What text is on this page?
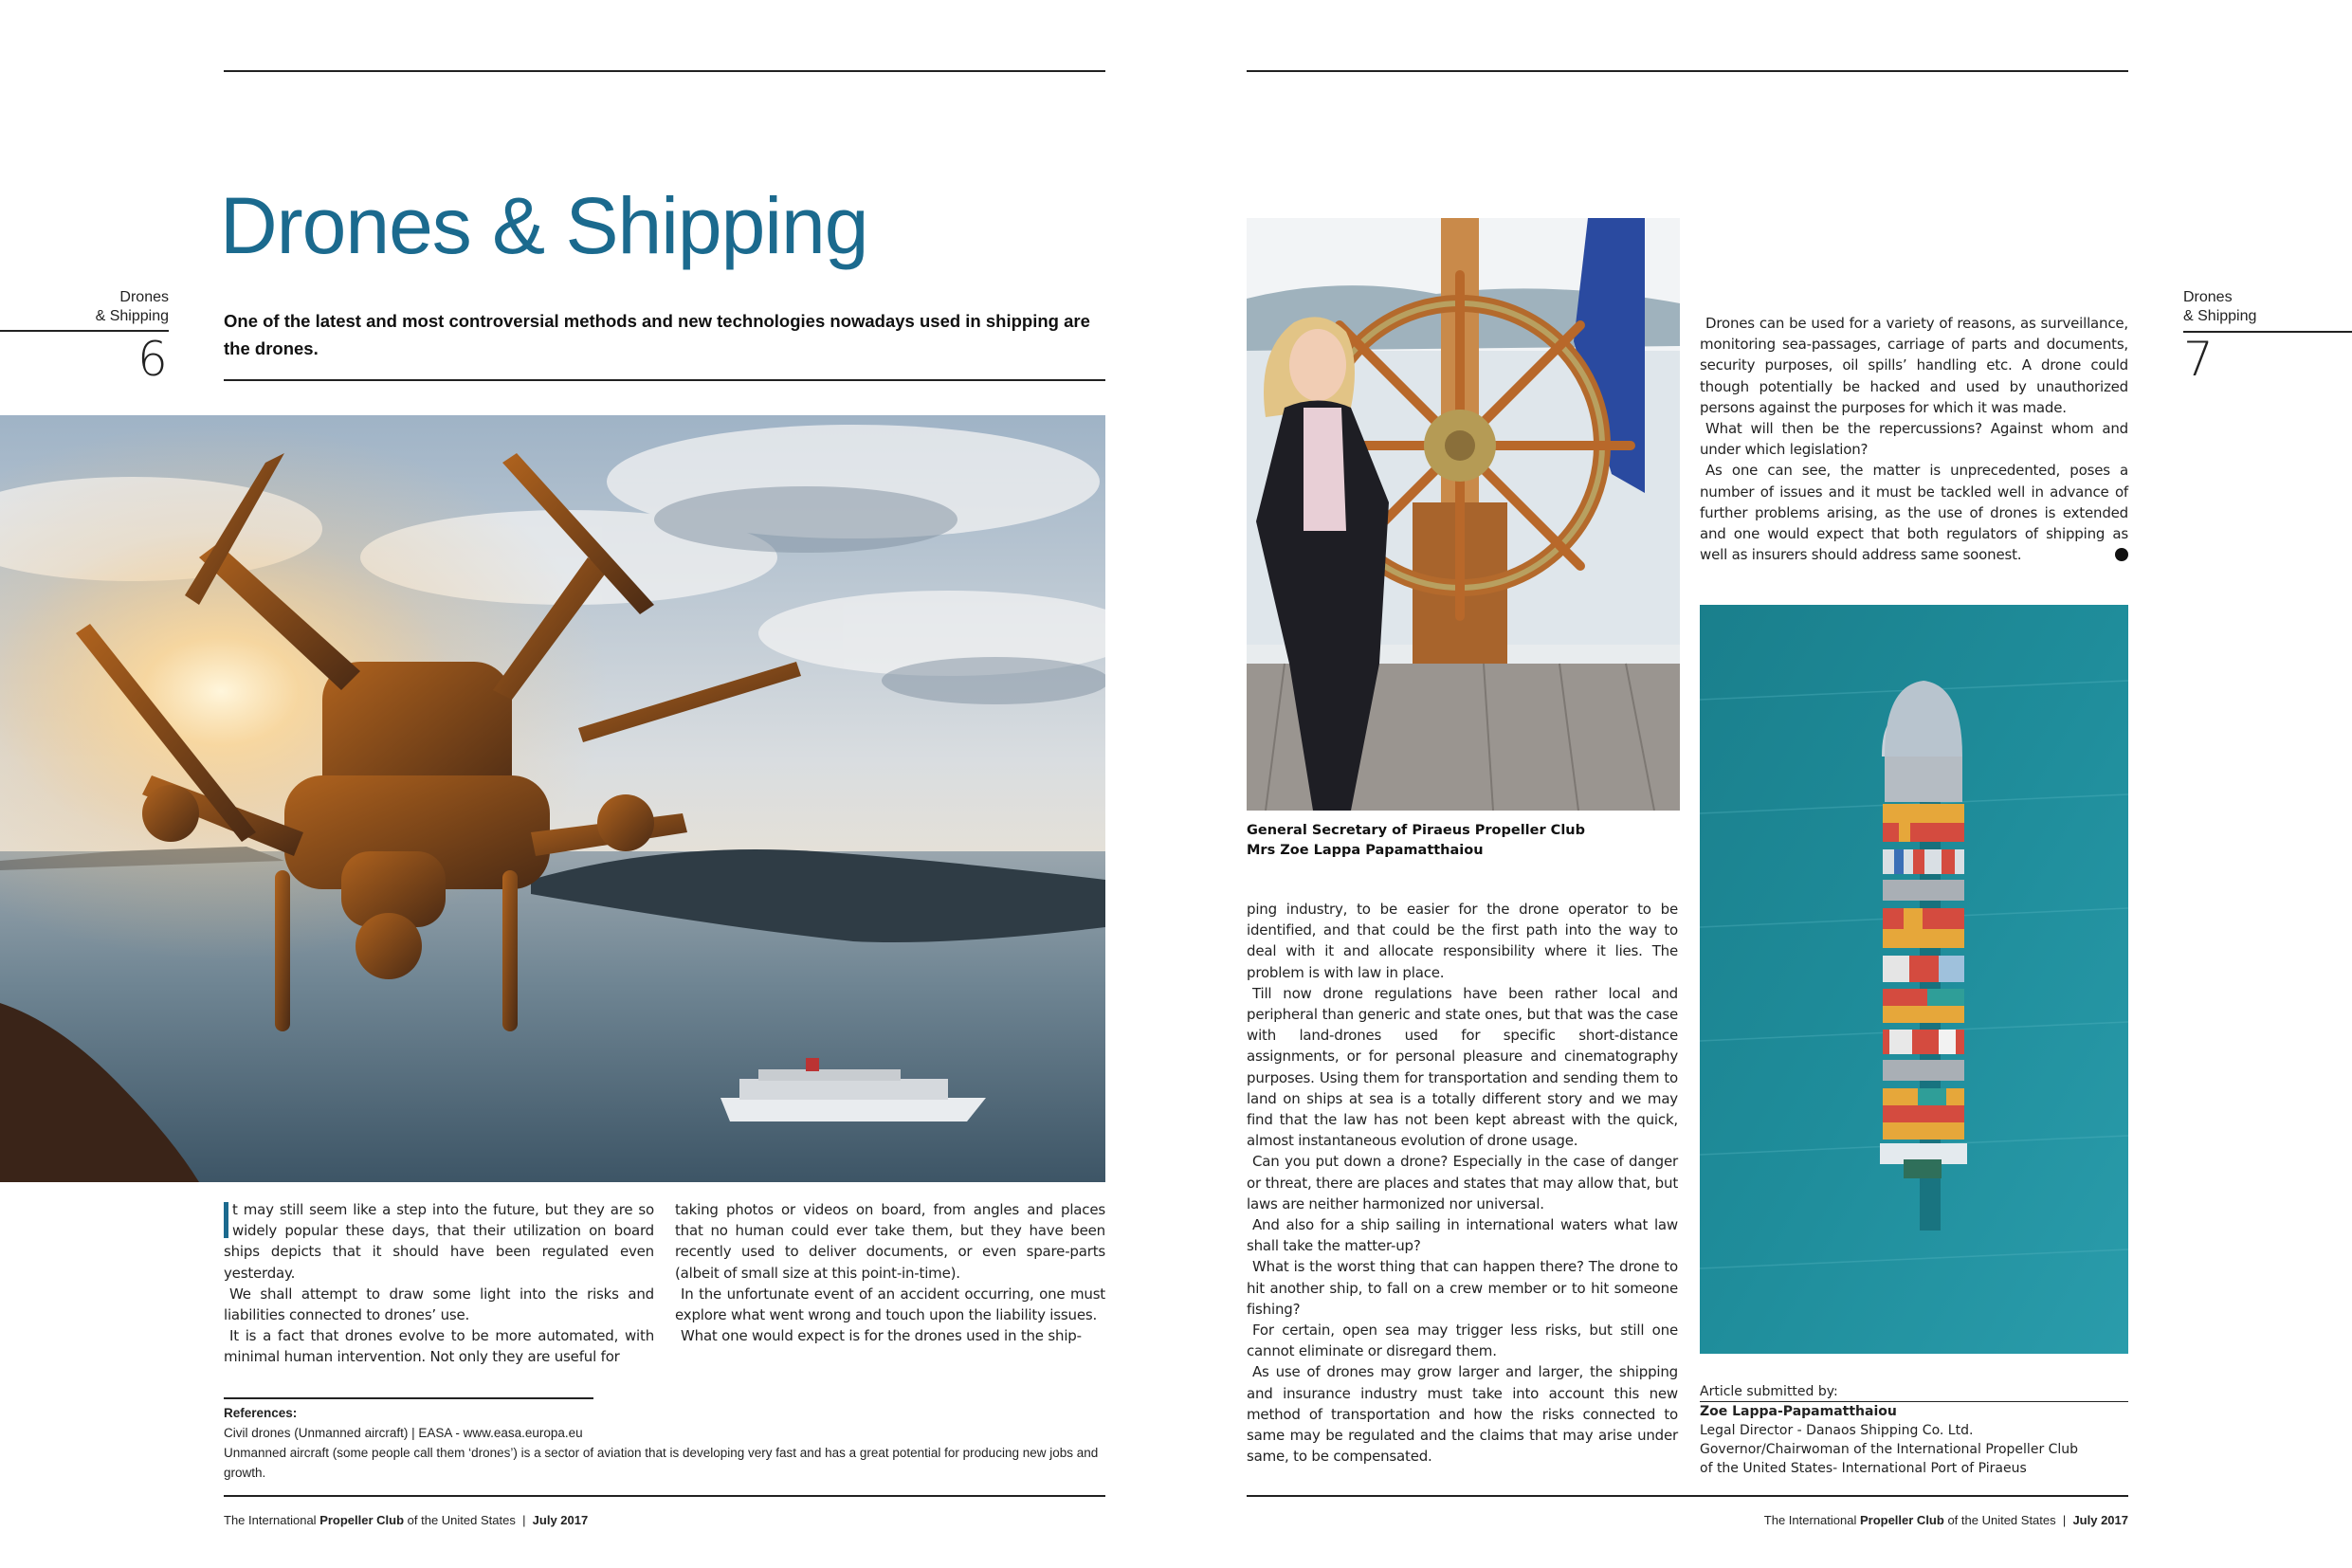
Drones & Shipping
Drones
& Shipping
6
One of the latest and most controversial methods and new technologies nowadays used in shipping are the drones.

t may still seem like a step into the future, but they are so widely popular these days, that their utilization on board ships depicts that it should have been regulated even yesterday.

We shall attempt to draw some light into the risks and liabilities connected to drones’ use.

It is a fact that drones evolve to be more automated, with minimal human intervention. Not only they are useful for

taking photos or videos on board, from angles and places that no human could ever take them, but they have been recently used to deliver documents, or even spare-parts (albeit of small size at this point-in-time).

In the unfortunate event of an accident occurring, one must explore what went wrong and touch upon the liability issues.

What one would expect is for the drones used in the ship-

References:
Civil drones (Unmanned aircraft) | EASA - www.easa.europa.eu
Unmanned aircraft (some people call them ‘drones’) is a sector of aviation that is developing very fast and has a great potential for producing new jobs and growth.
The International Propeller Club of the United States  |  July 2017
Drones
& Shipping
7
General Secretary of Piraeus Propeller Club
Mrs Zoe Lappa Papamatthaiou

ping industry, to be easier for the drone operator to be identified, and that could be the first path into the way to deal with it and allocate responsibility where it lies. The problem is with law in place.

Till now drone regulations have been rather local and peripheral than generic and state ones, but that was the case with land-drones used for specific short-distance assignments, or for personal pleasure and cinematography purposes. Using them for transportation and sending them to land on ships at sea is a totally different story and we may find that the law has not been kept abreast with the quick, almost instantaneous evolution of drone usage.

Can you put down a drone? Especially in the case of danger or threat, there are places and states that may allow that, but laws are neither harmonized nor universal.

And also for a ship sailing in international waters what law shall take the matter-up?

What is the worst thing that can happen there? The drone to hit another ship, to fall on a crew member or to hit someone fishing?

For certain, open sea may trigger less risks, but still one cannot eliminate or disregard them.

As use of drones may grow larger and larger, the shipping and insurance industry must take into account this new method of transportation and how the risks connected to same may be regulated and the claims that may arise under same, to be compensated.

Drones can be used for a variety of reasons, as surveillance, monitoring sea-passages, carriage of parts and documents, security purposes, oil spills’ handling etc. A drone could though potentially be hacked and used by unauthorized persons against the purposes for which it was made.

What will then be the repercussions? Against whom and under which legislation?

As one can see, the matter is unprecedented, poses a number of issues and it must be tackled well in advance of further problems arising, as the use of drones is extended and one would expect that both regulators of shipping as well as insurers should address same soonest.

Article submitted by:
Zoe Lappa-Papamatthaiou
Legal Director - Danaos Shipping Co. Ltd.
Governor/Chairwoman of the International Propeller Club
of the United States- International Port of Piraeus
The International Propeller Club of the United States  |  July 2017
